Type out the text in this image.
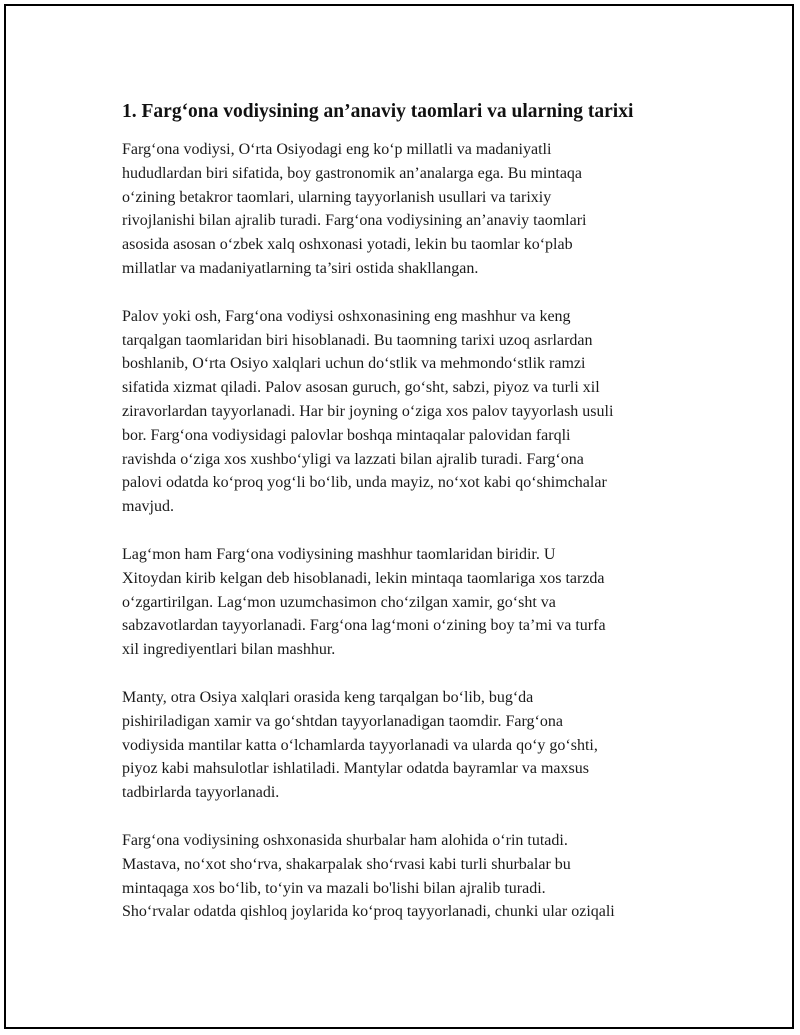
1. Farg‘ona vodiysining an’anaviy taomlari va ularning tarixi

Farg‘ona vodiysi, O‘rta Osiyodagi eng ko‘p millatli va madaniyatli
hududlardan biri sifatida, boy gastronomik an’analarga ega. Bu mintaqa
o‘zining betakror taomlari, ularning tayyorlanish usullari va tarixiy
rivojlanishi bilan ajralib turadi. Farg‘ona vodiysining an’anaviy taomlari
asosida asosan o‘zbek xalq oshxonasi yotadi, lekin bu taomlar ko‘plab
millatlar va madaniyatlarning ta’siri ostida shakllangan.

Palov yoki osh, Farg‘ona vodiysi oshxonasining eng mashhur va keng
tarqalgan taomlaridan biri hisoblanadi. Bu taomning tarixi uzoq asrlardan
boshlanib, O‘rta Osiyo xalqlari uchun do‘stlik va mehmondo‘stlik ramzi
sifatida xizmat qiladi. Palov asosan guruch, go‘sht, sabzi, piyoz va turli xil
ziravorlardan tayyorlanadi. Har bir joyning o‘ziga xos palov tayyorlash usuli
bor. Farg‘ona vodiysidagi palovlar boshqa mintaqalar palovidan farqli
ravishda o‘ziga xos xushbo‘yligi va lazzati bilan ajralib turadi. Farg‘ona
palovi odatda ko‘proq yog‘li bo‘lib, unda mayiz, no‘xot kabi qo‘shimchalar
mavjud.

Lag‘mon ham Farg‘ona vodiysining mashhur taomlaridan biridir. U
Xitoydan kirib kelgan deb hisoblanadi, lekin mintaqa taomlariga xos tarzda
o‘zgartirilgan. Lag‘mon uzumchasimon cho‘zilgan xamir, go‘sht va
sabzavotlardan tayyorlanadi. Farg‘ona lag‘moni o‘zining boy ta’mi va turfa
xil ingrediyentlari bilan mashhur.

Manty, otra Osiya xalqlari orasida keng tarqalgan bo‘lib, bug‘da
pishiriladigan xamir va go‘shtdan tayyorlanadigan taomdir. Farg‘ona
vodiysida mantilar katta o‘lchamlarda tayyorlanadi va ularda qo‘y go‘shti,
piyoz kabi mahsulotlar ishlatiladi. Mantylar odatda bayramlar va maxsus
tadbirlarda tayyorlanadi.

Farg‘ona vodiysining oshxonasida shurbalar ham alohida o‘rin tutadi.
Mastava, no‘xot sho‘rva, shakarpalak sho‘rvasi kabi turli shurbalar bu
mintaqaga xos bo‘lib, to‘yin va mazali bo'lishi bilan ajralib turadi.
Sho‘rvalar odatda qishloq joylarida ko‘proq tayyorlanadi, chunki ular oziqali
